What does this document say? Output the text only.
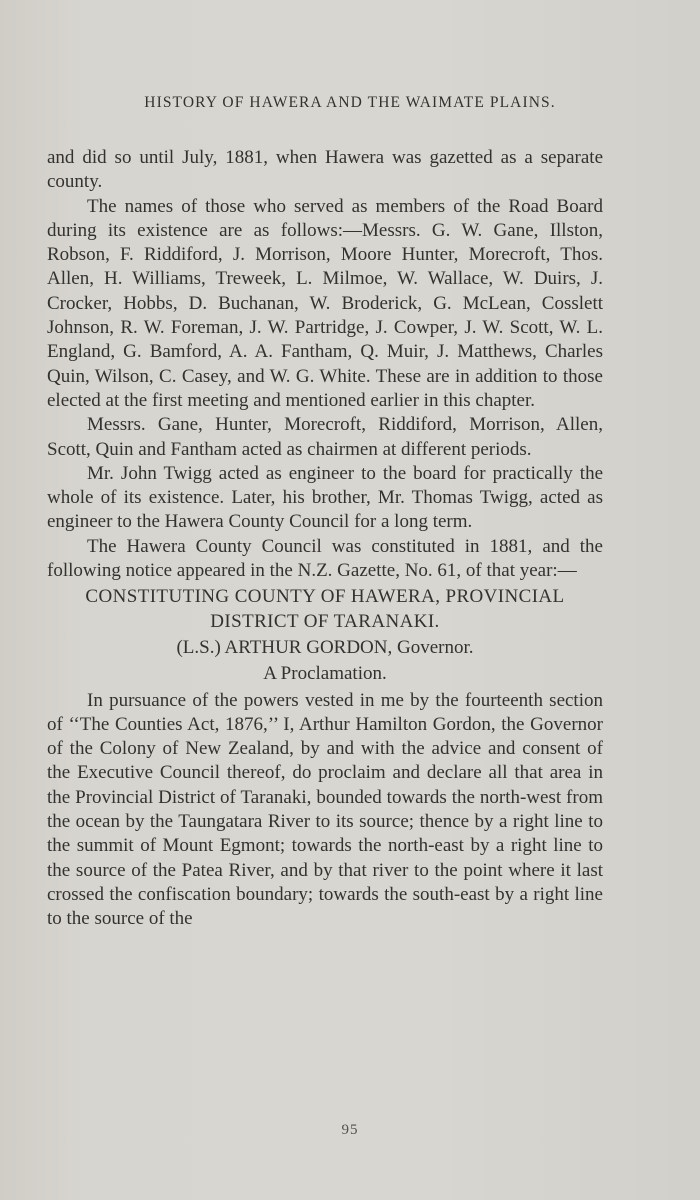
HISTORY OF HAWERA AND THE WAIMATE PLAINS.

and did so until July, 1881, when Hawera was gazetted as a separate county.

The names of those who served as members of the Road Board during its existence are as follows:—Messrs. G. W. Gane, Illston, Robson, F. Riddiford, J. Morrison, Moore Hunter, Morecroft, Thos. Allen, H. Williams, Treweek, L. Milmoe, W. Wallace, W. Duirs, J. Crocker, Hobbs, D. Buchanan, W. Broderick, G. McLean, Cosslett Johnson, R. W. Foreman, J. W. Partridge, J. Cowper, J. W. Scott, W. L. England, G. Bamford, A. A. Fantham, Q. Muir, J. Matthews, Charles Quin, Wilson, C. Casey, and W. G. White. These are in addition to those elected at the first meeting and mentioned earlier in this chapter.

Messrs. Gane, Hunter, Morecroft, Riddiford, Morrison, Allen, Scott, Quin and Fantham acted as chairmen at different periods.

Mr. John Twigg acted as engineer to the board for practically the whole of its existence. Later, his brother, Mr. Thomas Twigg, acted as engineer to the Hawera County Council for a long term.

The Hawera County Council was constituted in 1881, and the following notice appeared in the N.Z. Gazette, No. 61, of that year:—

CONSTITUTING COUNTY OF HAWERA, PROVINCIAL DISTRICT OF TARANAKI.

(L.S.) ARTHUR GORDON, Governor.

A Proclamation.

In pursuance of the powers vested in me by the fourteenth section of ‘‘The Counties Act, 1876,’’ I, Arthur Hamilton Gordon, the Governor of the Colony of New Zealand, by and with the advice and consent of the Executive Council thereof, do proclaim and declare all that area in the Provincial District of Taranaki, bounded towards the north-west from the ocean by the Taungatara River to its source; thence by a right line to the summit of Mount Egmont; towards the north-east by a right line to the source of the Patea River, and by that river to the point where it last crossed the confiscation boundary; towards the south-east by a right line to the source of the

95
